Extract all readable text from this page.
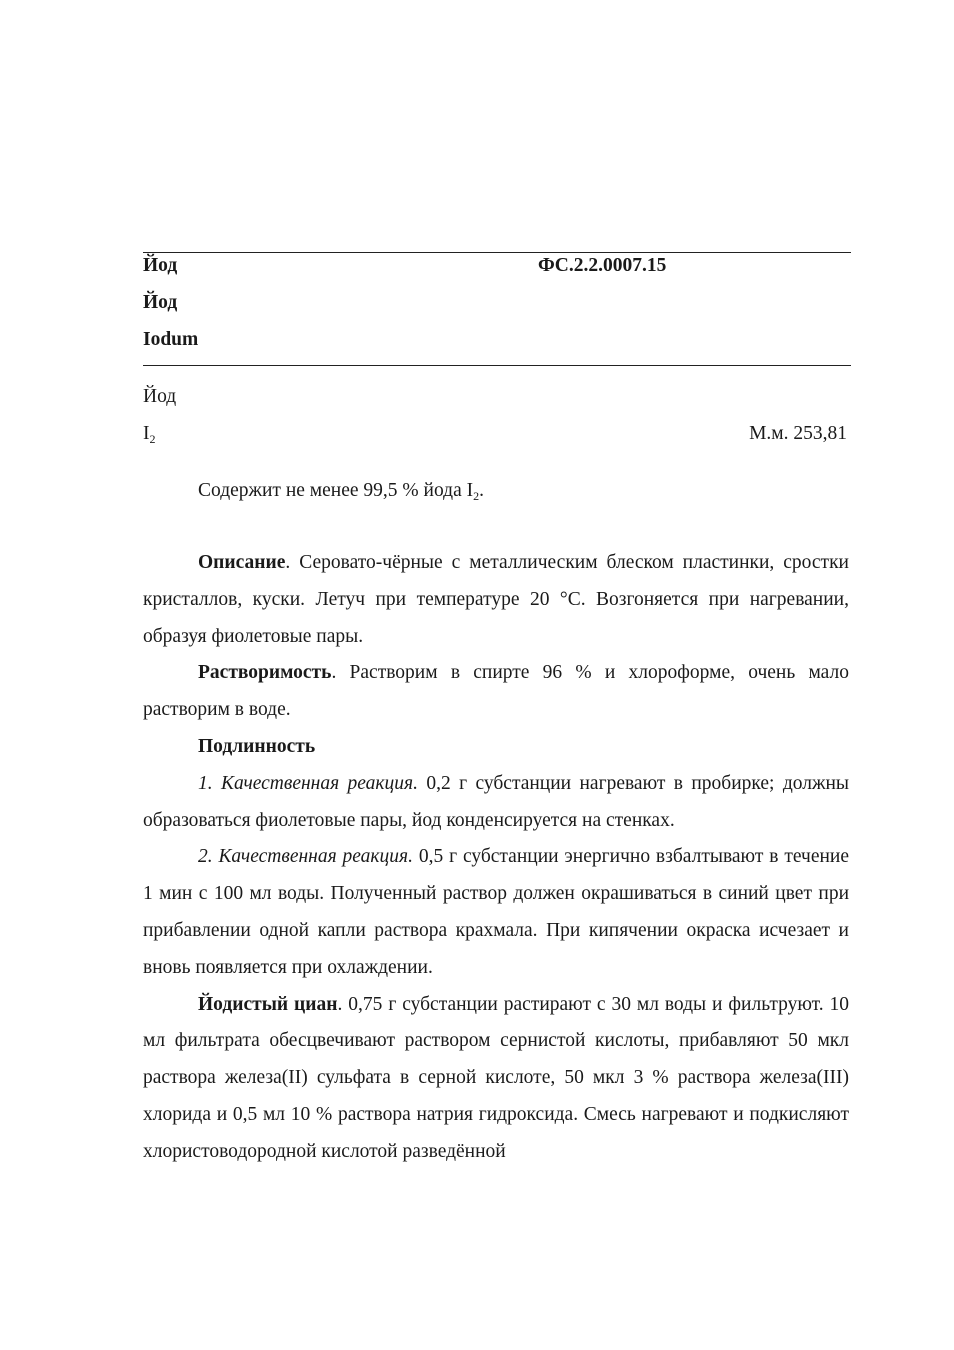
Йод	ФС.2.2.0007.15
Йод
Iodum
Йод
$I_2$	М.м. 253,81
Содержит не менее 99,5 % йода $I_2$.

Описание. Серовато-чёрные с металлическим блеском пластинки, сростки кристаллов, куски. Летуч при температуре 20 °C. Возгоняется при нагревании, образуя фиолетовые пары.

Растворимость. Растворим в спирте 96 % и хлороформе, очень мало растворим в воде.

Подлинность

1. Качественная реакция. 0,2 г субстанции нагревают в пробирке; должны образоваться фиолетовые пары, йод конденсируется на стенках.

2. Качественная реакция. 0,5 г субстанции энергично взбалтывают в течение 1 мин с 100 мл воды. Полученный раствор должен окрашиваться в синий цвет при прибавлении одной капли раствора крахмала. При кипячении окраска исчезает и вновь появляется при охлаждении.

Йодистый циан. 0,75 г субстанции растирают с 30 мл воды и фильтруют. 10 мл фильтрата обесцвечивают раствором сернистой кислоты, прибавляют 50 мкл раствора железа(II) сульфата в серной кислоте, 50 мкл 3 % раствора железа(III) хлорида и 0,5 мл 10 % раствора натрия гидроксида. Смесь нагревают и подкисляют хлористоводородной кислотой разведённой
